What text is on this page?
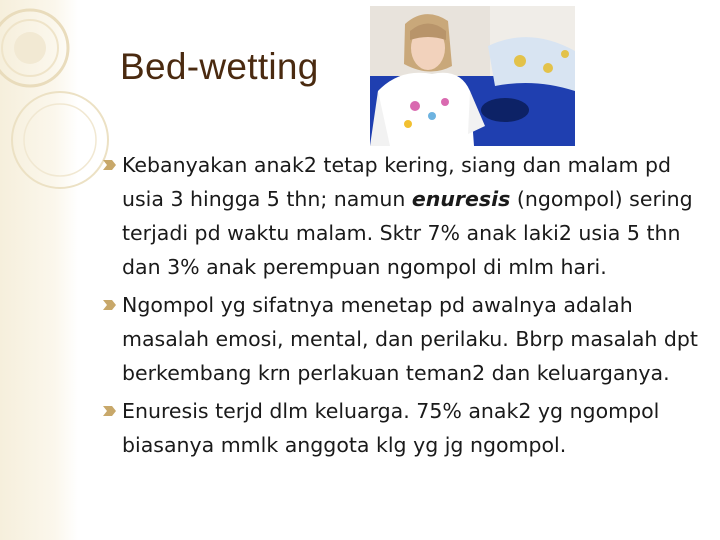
Bed-wetting
Kebanyakan anak2 tetap kering, siang dan malam pd usia 3 hingga 5 thn; namun enuresis (ngompol) sering terjadi pd waktu malam. Sktr 7% anak laki2 usia 5 thn dan 3% anak perempuan ngompol di mlm hari.
Ngompol yg sifatnya menetap pd awalnya adalah masalah emosi, mental, dan perilaku. Bbrp masalah dpt berkembang krn perlakuan teman2 dan keluarganya.
Enuresis terjd dlm keluarga. 75% anak2 yg ngompol biasanya mmlk anggota klg yg jg ngompol.
